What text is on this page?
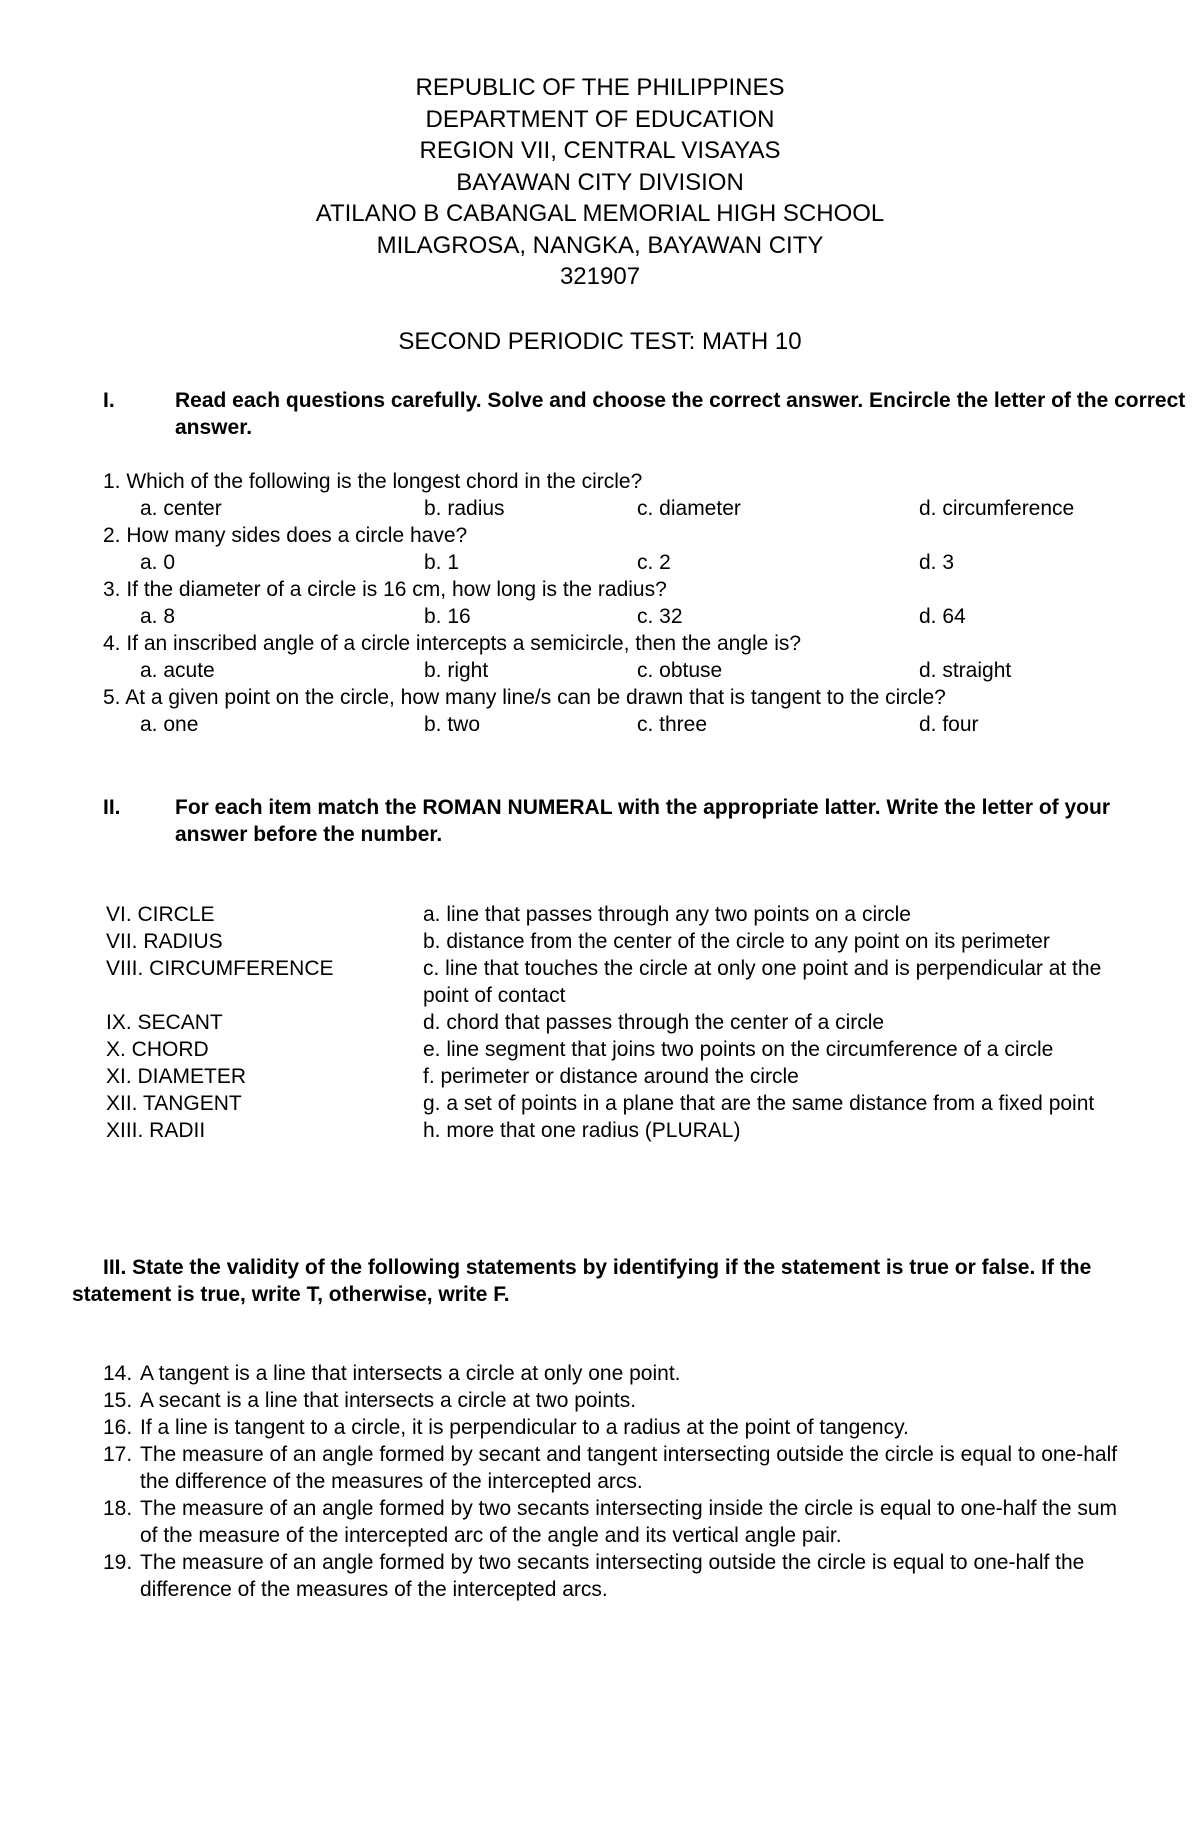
REPUBLIC OF THE PHILIPPINES
DEPARTMENT OF EDUCATION
REGION VII, CENTRAL VISAYAS
BAYAWAN CITY DIVISION
ATILANO B CABANGAL MEMORIAL HIGH SCHOOL
MILAGROSA, NANGKA, BAYAWAN CITY
321907
SECOND PERIODIC TEST: MATH 10
I.	Read each questions carefully. Solve and choose the correct answer. Encircle the letter of the correct answer.
1. Which of the following is the longest chord in the circle?
a. center	b. radius	c. diameter	d. circumference
2. How many sides does a circle have?
a. 0	b. 1	c. 2	d. 3
3. If the diameter of a circle is 16 cm, how long is the radius?
a. 8	b. 16	c. 32	d. 64
4. If an inscribed angle of a circle intercepts a semicircle, then the angle is?
a. acute	b. right	c. obtuse	d. straight
5. At a given point on the circle, how many line/s can be drawn that is tangent to the circle?
a. one	b. two	c. three	d. four
II.	For each item match the ROMAN NUMERAL with the appropriate latter. Write the letter of your answer before the number.
VI. CIRCLE	a. line that passes through any two points on a circle
VII. RADIUS	b. distance from the center of the circle to any point on its perimeter
VIII. CIRCUMFERENCE	c. line that touches the circle at only one point and is perpendicular at the point of contact
IX. SECANT	d. chord that passes through the center of a circle
X. CHORD	e. line segment that joins two points on the circumference of a circle
XI. DIAMETER	f. perimeter or distance around the circle
XII. TANGENT	g. a set of points in a plane that are the same distance from a fixed point
XIII. RADII	h. more that one radius (PLURAL)
III. State the validity of the following statements by identifying if the statement is true or false. If the statement is true, write T, otherwise, write F.
14. A tangent is a line that intersects a circle at only one point.
15. A secant is a line that intersects a circle at two points.
16. If a line is tangent to a circle, it is perpendicular to a radius at the point of tangency.
17. The measure of an angle formed by secant and tangent intersecting outside the circle is equal to one-half the difference of the measures of the intercepted arcs.
18. The measure of an angle formed by two secants intersecting inside the circle is equal to one-half the sum of the measure of the intercepted arc of the angle and its vertical angle pair.
19. The measure of an angle formed by two secants intersecting outside the circle is equal to one-half the difference of the measures of the intercepted arcs.
